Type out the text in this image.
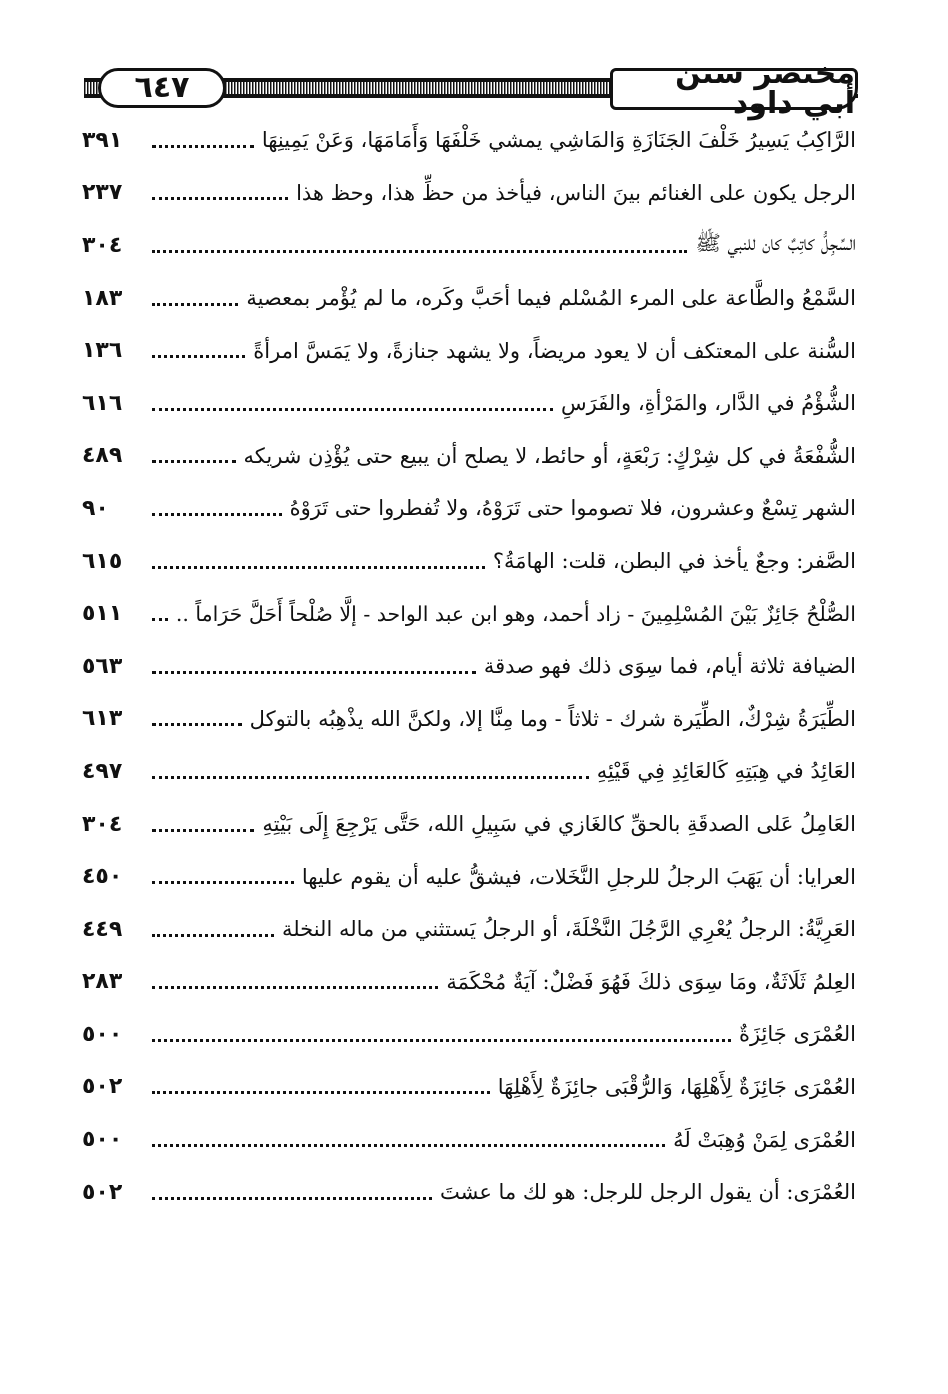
٦٤٧	مختصر سنن أبي داود
الرَّاكِبُ يَسِيرُ خَلْفَ الجَنَازَةِ وَالمَاشِي يمشي خَلْفَهَا وَأَمَامَهَا، وَعَنْ يَمِينِهَا
٣٩١
الرجل يكون على الغنائم بينَ الناس، فيأخذ من حظِّ هذا، وحظ هذا
٢٣٧
السِّجِلُّ كاتِبٌ كان للنبي ﷺ
٣٠٤
السَّمْعُ والطَّاعة على المرء المُسْلم فيما أحَبَّ وكَره، ما لم يُؤْمر بمعصية
١٨٣
السُّنة على المعتكف أن لا يعود مريضاً، ولا يشهد جنازةً، ولا يَمَسَّ امرأةً
١٣٦
الشُّؤْمُ في الدَّار، والمَرْأةِ، والفَرَسِ
٦١٦
الشُّفْعَةُ في كل شِرْكٍ: رَبْعَةٍ، أو حائط، لا يصلح أن يبيع حتى يُؤْذِن شريكه
٤٨٩
الشهر تِسْعٌ وعشرون، فلا تصوموا حتى تَرَوْهُ، ولا تُفطروا حتى تَرَوْهُ
٩٠
الصَّفر: وجعٌ يأخذ في البطن، قلت: الهامَةُ؟
٦١٥
الصُّلْحُ جَائِزٌ بَيْنَ المُسْلِمِينَ - زاد أحمد، وهو ابن عبد الواحد - إلَّا صُلْحاً أَحَلَّ حَرَاماً ..
٥١١
الضيافة ثلاثة أيام، فما سِوَى ذلك فهو صدقة
٥٦٣
الطِّيَرَةُ شِرْكٌ، الطِّيَرة شرك - ثلاثاً - وما مِنَّا إلا، ولكنَّ الله يذْهِبُه بالتوكل
٦١٣
العَائِدُ في هِبَتِهِ كَالعَائِدِ فِي قَيْئِهِ
٤٩٧
العَامِلُ عَلى الصدقَةِ بالحقِّ كالغَازي في سَبِيلِ الله، حَتَّى يَرْجِعَ إِلَى بَيْتِهِ
٣٠٤
العرايا: أن يَهَبَ الرجلُ للرجلِ النَّخَلات، فيشقُّ عليه أن يقوم عليها
٤٥٠
العَرِيَّةُ: الرجلُ يُعْرِي الرَّجُلَ النَّخْلَةَ، أو الرجلُ يَستثني من ماله النخلة
٤٤٩
العِلمُ ثَلَاثَةٌ، ومَا سِوَى ذلكَ فَهُوَ فَضْلٌ: آيَةٌ مُحْكَمَة
٢٨٣
العُمْرَى جَائِزَةٌ
٥٠٠
العُمْرَى جَائِزَةٌ لِأَهْلِهَا، وَالرُّقْبَى جائِزَةٌ لِأَهْلِهَا
٥٠٢
العُمْرَى لِمَنْ وُهِبَتْ لَهُ
٥٠٠
العُمْرَى: أن يقول الرجل للرجل: هو لك ما عشتَ
٥٠٢
